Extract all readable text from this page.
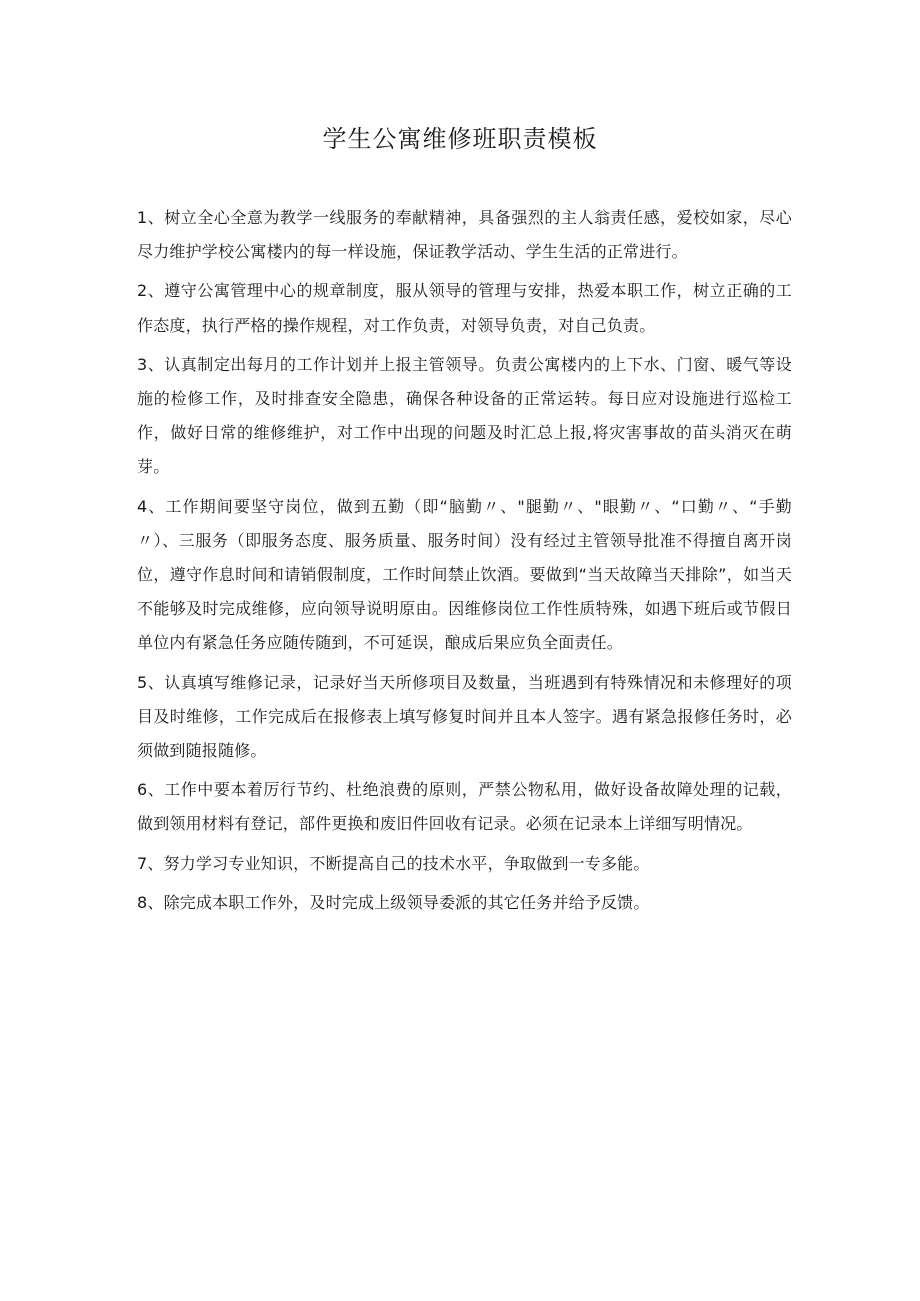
学生公寓维修班职责模板

1、树立全心全意为教学一线服务的奉献精神，具备强烈的主人翁责任感，爱校如家，尽心尽力维护学校公寓楼内的每一样设施，保证教学活动、学生生活的正常进行。

2、遵守公寓管理中心的规章制度，服从领导的管理与安排，热爱本职工作，树立正确的工作态度，执行严格的操作规程，对工作负责，对领导负责，对自己负责。

3、认真制定出每月的工作计划并上报主管领导。负责公寓楼内的上下水、门窗、暖气等设施的检修工作，及时排查安全隐患，确保各种设备的正常运转。每日应对设施进行巡检工作，做好日常的维修维护，对工作中出现的问题及时汇总上报,将灾害事故的苗头消灭在萌芽。

4、工作期间要坚守岗位，做到五勤（即“脑勤〃、"腿勤〃、"眼勤〃、“口勤〃、“手勤〃）、三服务（即服务态度、服务质量、服务时间）没有经过主管领导批准不得擅自离开岗位，遵守作息时间和请销假制度，工作时间禁止饮酒。要做到“当天故障当天排除”，如当天不能够及时完成维修，应向领导说明原由。因维修岗位工作性质特殊，如遇下班后或节假日单位内有紧急任务应随传随到，不可延误，酿成后果应负全面责任。

5、认真填写维修记录，记录好当天所修项目及数量，当班遇到有特殊情况和未修理好的项目及时维修，工作完成后在报修表上填写修复时间并且本人签字。遇有紧急报修任务时，必须做到随报随修。

6、工作中要本着厉行节约、杜绝浪费的原则，严禁公物私用，做好设备故障处理的记载，做到领用材料有登记，部件更换和废旧件回收有记录。必须在记录本上详细写明情况。

7、努力学习专业知识，不断提高自己的技术水平，争取做到一专多能。

8、除完成本职工作外，及时完成上级领导委派的其它任务并给予反馈。
